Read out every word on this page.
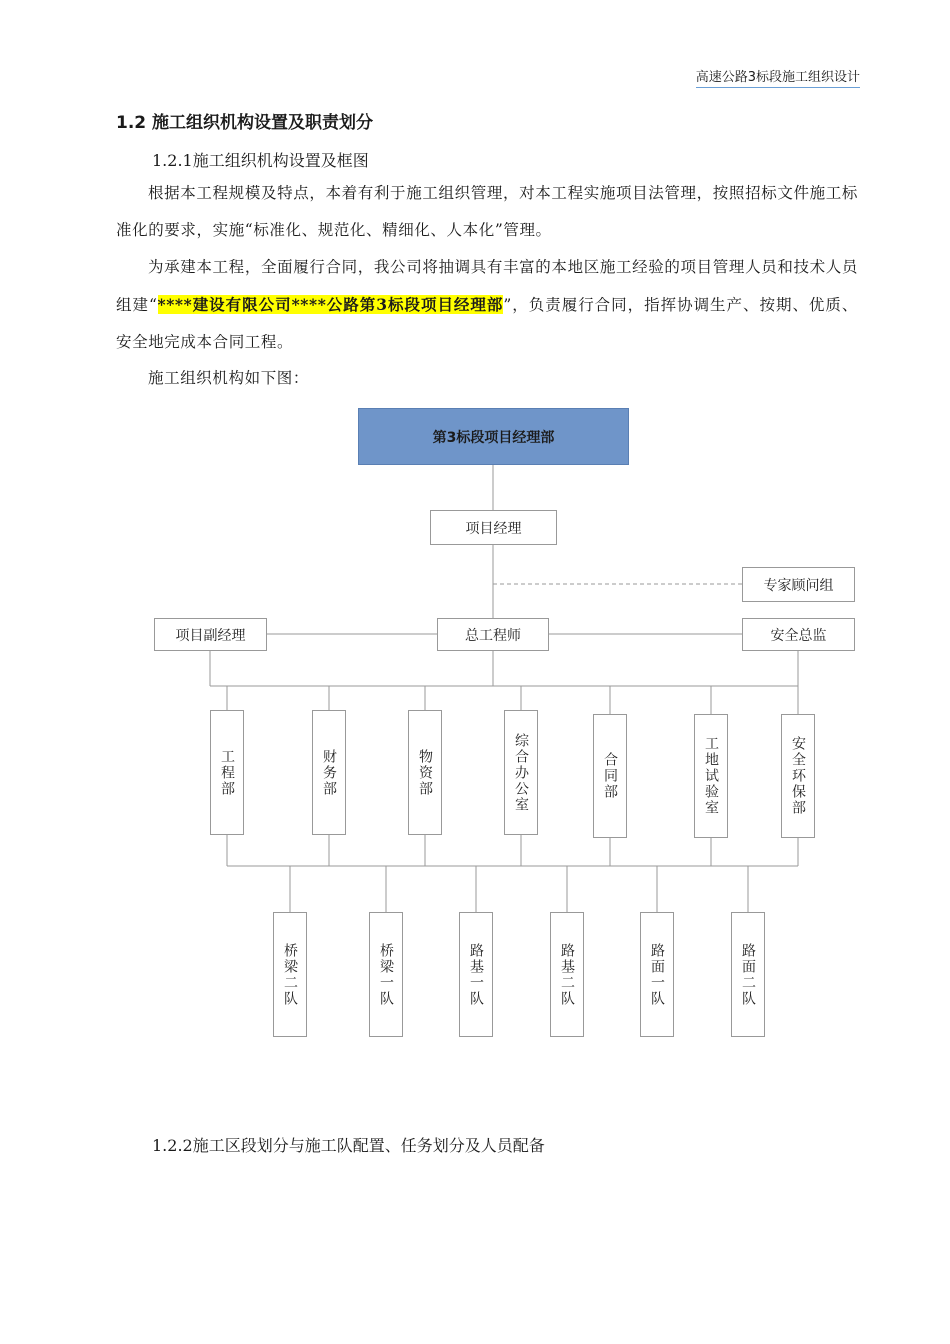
高速公路3标段施工组织设计
1.2 施工组织机构设置及职责划分
1.2.1施工组织机构设置及框图

根据本工程规模及特点，本着有利于施工组织管理，对本工程实施项目法管理，按照招标文件施工标准化的要求，实施“标准化、规范化、精细化、人本化”管理。

为承建本工程，全面履行合同，我公司将抽调具有丰富的本地区施工经验的项目管理人员和技术人员组建“****建设有限公司****公路第3标段项目经理部”，负责履行合同，指挥协调生产、按期、优质、安全地完成本合同工程。

施工组织机构如下图：

第3标段项目经理部
项目经理
专家顾问组
项目副经理	总工程师	安全总监
工程部	财务部	物资部	综合办公室	合同部	工地试验室	安全环保部
桥梁二队	桥梁一队	路基一队	路基二队	路面一队	路面二队
1.2.2施工区段划分与施工队配置、任务划分及人员配备
